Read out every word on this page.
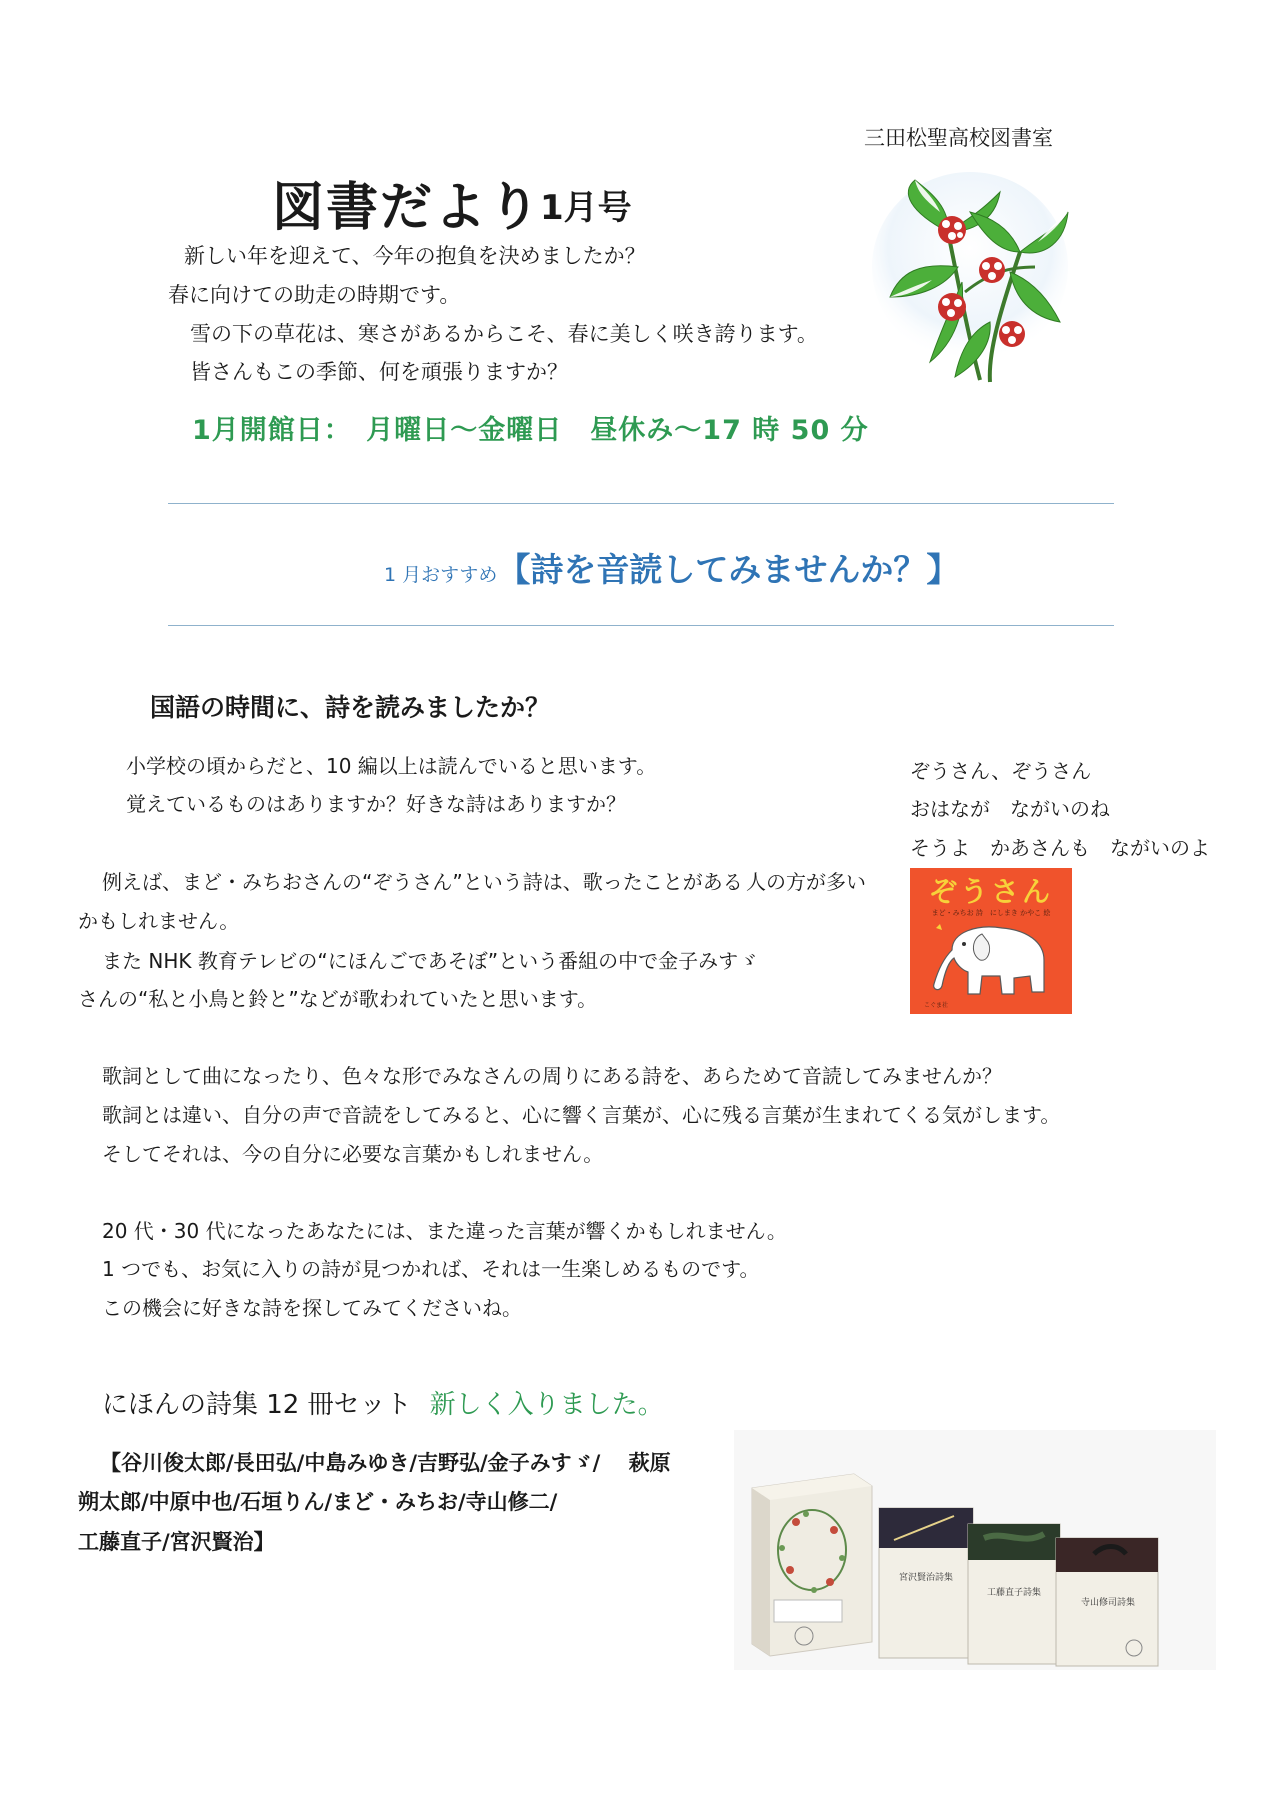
三田松聖高校図書室
図書だより
1月号

新しい年を迎えて、今年の抱負を決めましたか？

春に向けての助走の時期です。

雪の下の草花は、寒さがあるからこそ、春に美しく咲き誇ります。

皆さんもこの季節、何を頑張りますか？

1月開館日：　月曜日～金曜日　昼休み～17 時 50 分
1 月おすすめ【詩を音読してみませんか？】
国語の時間に、詩を読みましたか？

小学校の頃からだと、10 編以上は読んでいると思います。

覚えているものはありますか？好きな詩はありますか？

例えば、まど・みちおさんの“ぞうさん”という詩は、歌ったことがある 人の方が多い

かもしれません。

また NHK 教育テレビの“にほんごであそぼ”という番組の中で金子みすゞ

さんの“私と小鳥と鈴と”などが歌われていたと思います。

歌詞として曲になったり、色々な形でみなさんの周りにある詩を、あらためて音読してみませんか？

歌詞とは違い、自分の声で音読をしてみると、心に響く言葉が、心に残る言葉が生まれてくる気がします。

そしてそれは、今の自分に必要な言葉かもしれません。

20 代・30 代になったあなたには、また違った言葉が響くかもしれません。

1 つでも、お気に入りの詩が見つかれば、それは一生楽しめるものです。

この機会に好きな詩を探してみてくださいね。

ぞうさん、ぞうさん

おはなが　ながいのね

そうよ　かあさんも　ながいのよ

ぞうさん
まど・みちお 詩　にしまき かやこ 絵
こぐま社
にほんの詩集 12 冊セット 新しく入りました。

【谷川俊太郎/長田弘/中島みゆき/吉野弘/金子みすゞ/　 萩原

朔太郎/中原中也/石垣りん/まど・みちお/寺山修二/

工藤直子/宮沢賢治】

宮沢賢治詩集
工藤直子詩集
寺山修司詩集
